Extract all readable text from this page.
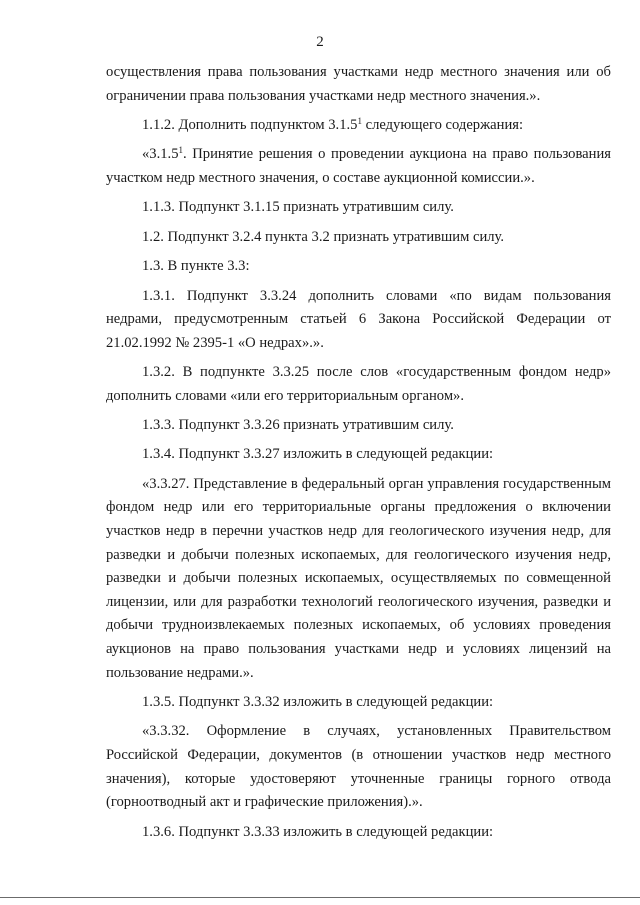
2

осуществления права пользования участками недр местного значения или об ограничении права пользования участками недр местного значения.».

1.1.2. Дополнить подпунктом 3.1.5$^1$ следующего содержания:

«3.1.5$^1$. Принятие решения о проведении аукциона на право пользования участком недр местного значения, о составе аукционной комиссии.».

1.1.3. Подпункт 3.1.15 признать утратившим силу.

1.2. Подпункт 3.2.4 пункта 3.2 признать утратившим силу.

1.3. В пункте 3.3:

1.3.1. Подпункт 3.3.24 дополнить словами «по видам пользования недрами, предусмотренным статьей 6 Закона Российской Федерации от 21.02.1992 № 2395-1 «О недрах».».

1.3.2. В подпункте 3.3.25 после слов «государственным фондом недр» дополнить словами «или его территориальным органом».

1.3.3. Подпункт 3.3.26 признать утратившим силу.

1.3.4. Подпункт 3.3.27 изложить в следующей редакции:

«3.3.27. Представление в федеральный орган управления государственным фондом недр или его территориальные органы предложения о включении участков недр в перечни участков недр для геологического изучения недр, для разведки и добычи полезных ископаемых, для геологического изучения недр, разведки и добычи полезных ископаемых, осуществляемых по совмещенной лицензии, или для разработки технологий геологического изучения, разведки и добычи трудноизвлекаемых полезных ископаемых, об условиях проведения аукционов на право пользования участками недр и условиях лицензий на пользование недрами.».

1.3.5. Подпункт 3.3.32 изложить в следующей редакции:

«3.3.32. Оформление в случаях, установленных Правительством Российской Федерации, документов (в отношении участков недр местного значения), которые удостоверяют уточненные границы горного отвода (горноотводный акт и графические приложения).».

1.3.6. Подпункт 3.3.33 изложить в следующей редакции:
